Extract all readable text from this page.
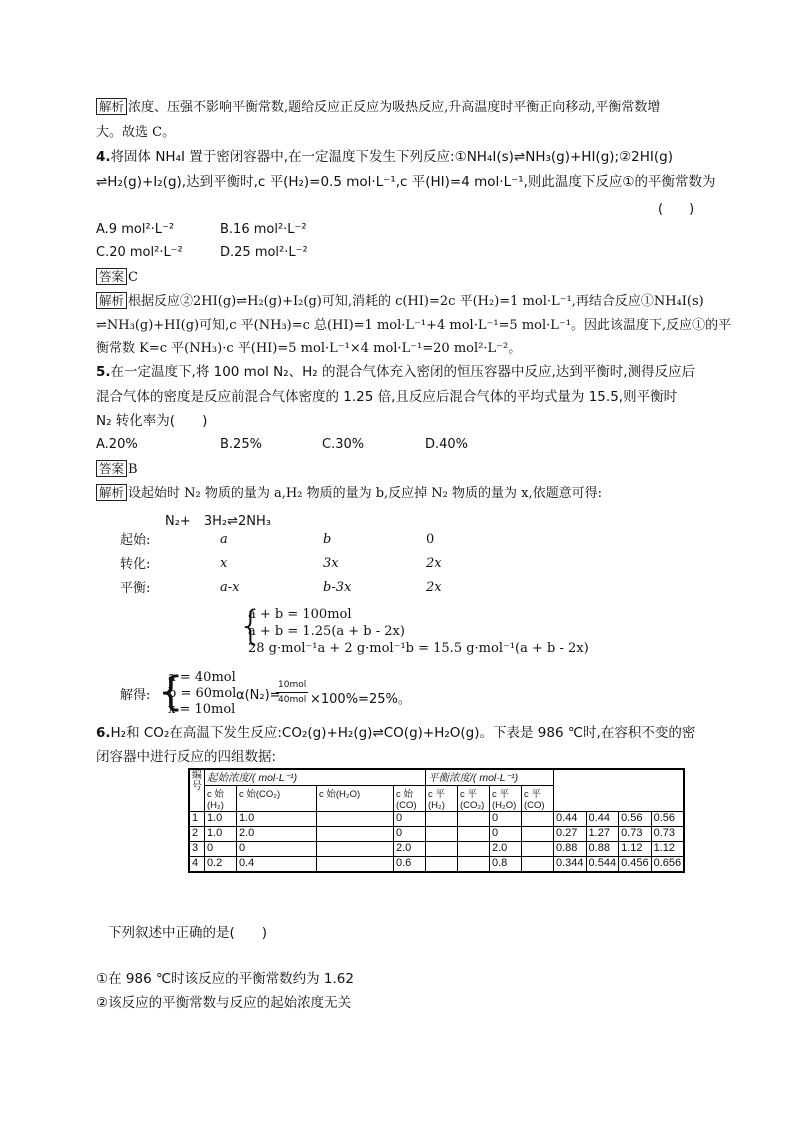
解析 浓度、压强不影响平衡常数,题给反应正反应为吸热反应,升高温度时平衡正向移动,平衡常数增
大。故选 C。
4.将固体 NH₄I 置于密闭容器中,在一定温度下发生下列反应:①NH₄I(s)⇌NH₃(g)+HI(g);②2HI(g)
⇌H₂(g)+I₂(g),达到平衡时,c 平(H₂)=0.5 mol·L⁻¹,c 平(HI)=4 mol·L⁻¹,则此温度下反应①的平衡常数为
(　　)
A.9 mol²·L⁻²	B.16 mol²·L⁻²
C.20 mol²·L⁻²	D.25 mol²·L⁻²
答案 C
解析 根据反应②2HI(g)⇌H₂(g)+I₂(g)可知,消耗的 c(HI)=2c 平(H₂)=1 mol·L⁻¹,再结合反应①NH₄I(s)
⇌NH₃(g)+HI(g)可知,c 平(NH₃)=c 总(HI)=1 mol·L⁻¹+4 mol·L⁻¹=5 mol·L⁻¹。因此该温度下,反应①的平
衡常数 K=c 平(NH₃)·c 平(HI)=5 mol·L⁻¹×4 mol·L⁻¹=20 mol²·L⁻²。
5.在一定温度下,将 100 mol N₂、H₂ 的混合气体充入密闭的恒压容器中反应,达到平衡时,测得反应后
混合气体的密度是反应前混合气体密度的 1.25 倍,且反应后混合气体的平均式量为 15.5,则平衡时
N₂ 转化率为(　　)
A.20%	B.25%	C.30%	D.40%
答案 B
解析 设起始时 N₂ 物质的量为 a,H₂ 物质的量为 b,反应掉 N₂ 物质的量为 x,依题意可得:
N₂+　3H₂⇌2NH₃
起始:	a	b	0
转化:	x	3x	2x
平衡:	a-x	b-3x	2x
{
a + b = 100mol
a + b = 1.25(a + b - 2x)
28 g·mol⁻¹a + 2 g·mol⁻¹b = 15.5 g·mol⁻¹(a + b - 2x)
解得: {
a = 40mol
b = 60mol
x = 10mol
α(N₂)=
10mol
40mol ×100%=25%。
6.H₂和 CO₂在高温下发生反应:CO₂(g)+H₂(g)⇌CO(g)+H₂O(g)。下表是 986 ℃时,在容积不变的密
闭容器中进行反应的四组数据:
编号	起始浓度/( mol·L⁻¹)				平衡浓度/( mol·L⁻¹)							
	c 始(H₂)	c 始(CO₂)	c 始(H₂O)	c 始(CO)	c 平(H₂)	c 平(CO₂)	c 平(H₂O)	c 平(CO)				
1	1.0	1.0		0			0		0.44	0.44	0.56	0.56
2	1.0	2.0		0			0		0.27	1.27	0.73	0.73
3	0	0		2.0			2.0		0.88	0.88	1.12	1.12
4	0.2	0.4		0.6			0.8		0.344	0.544	0.456	0.656
下列叙述中正确的是(　　)
①在 986 ℃时该反应的平衡常数约为 1.62
②该反应的平衡常数与反应的起始浓度无关
